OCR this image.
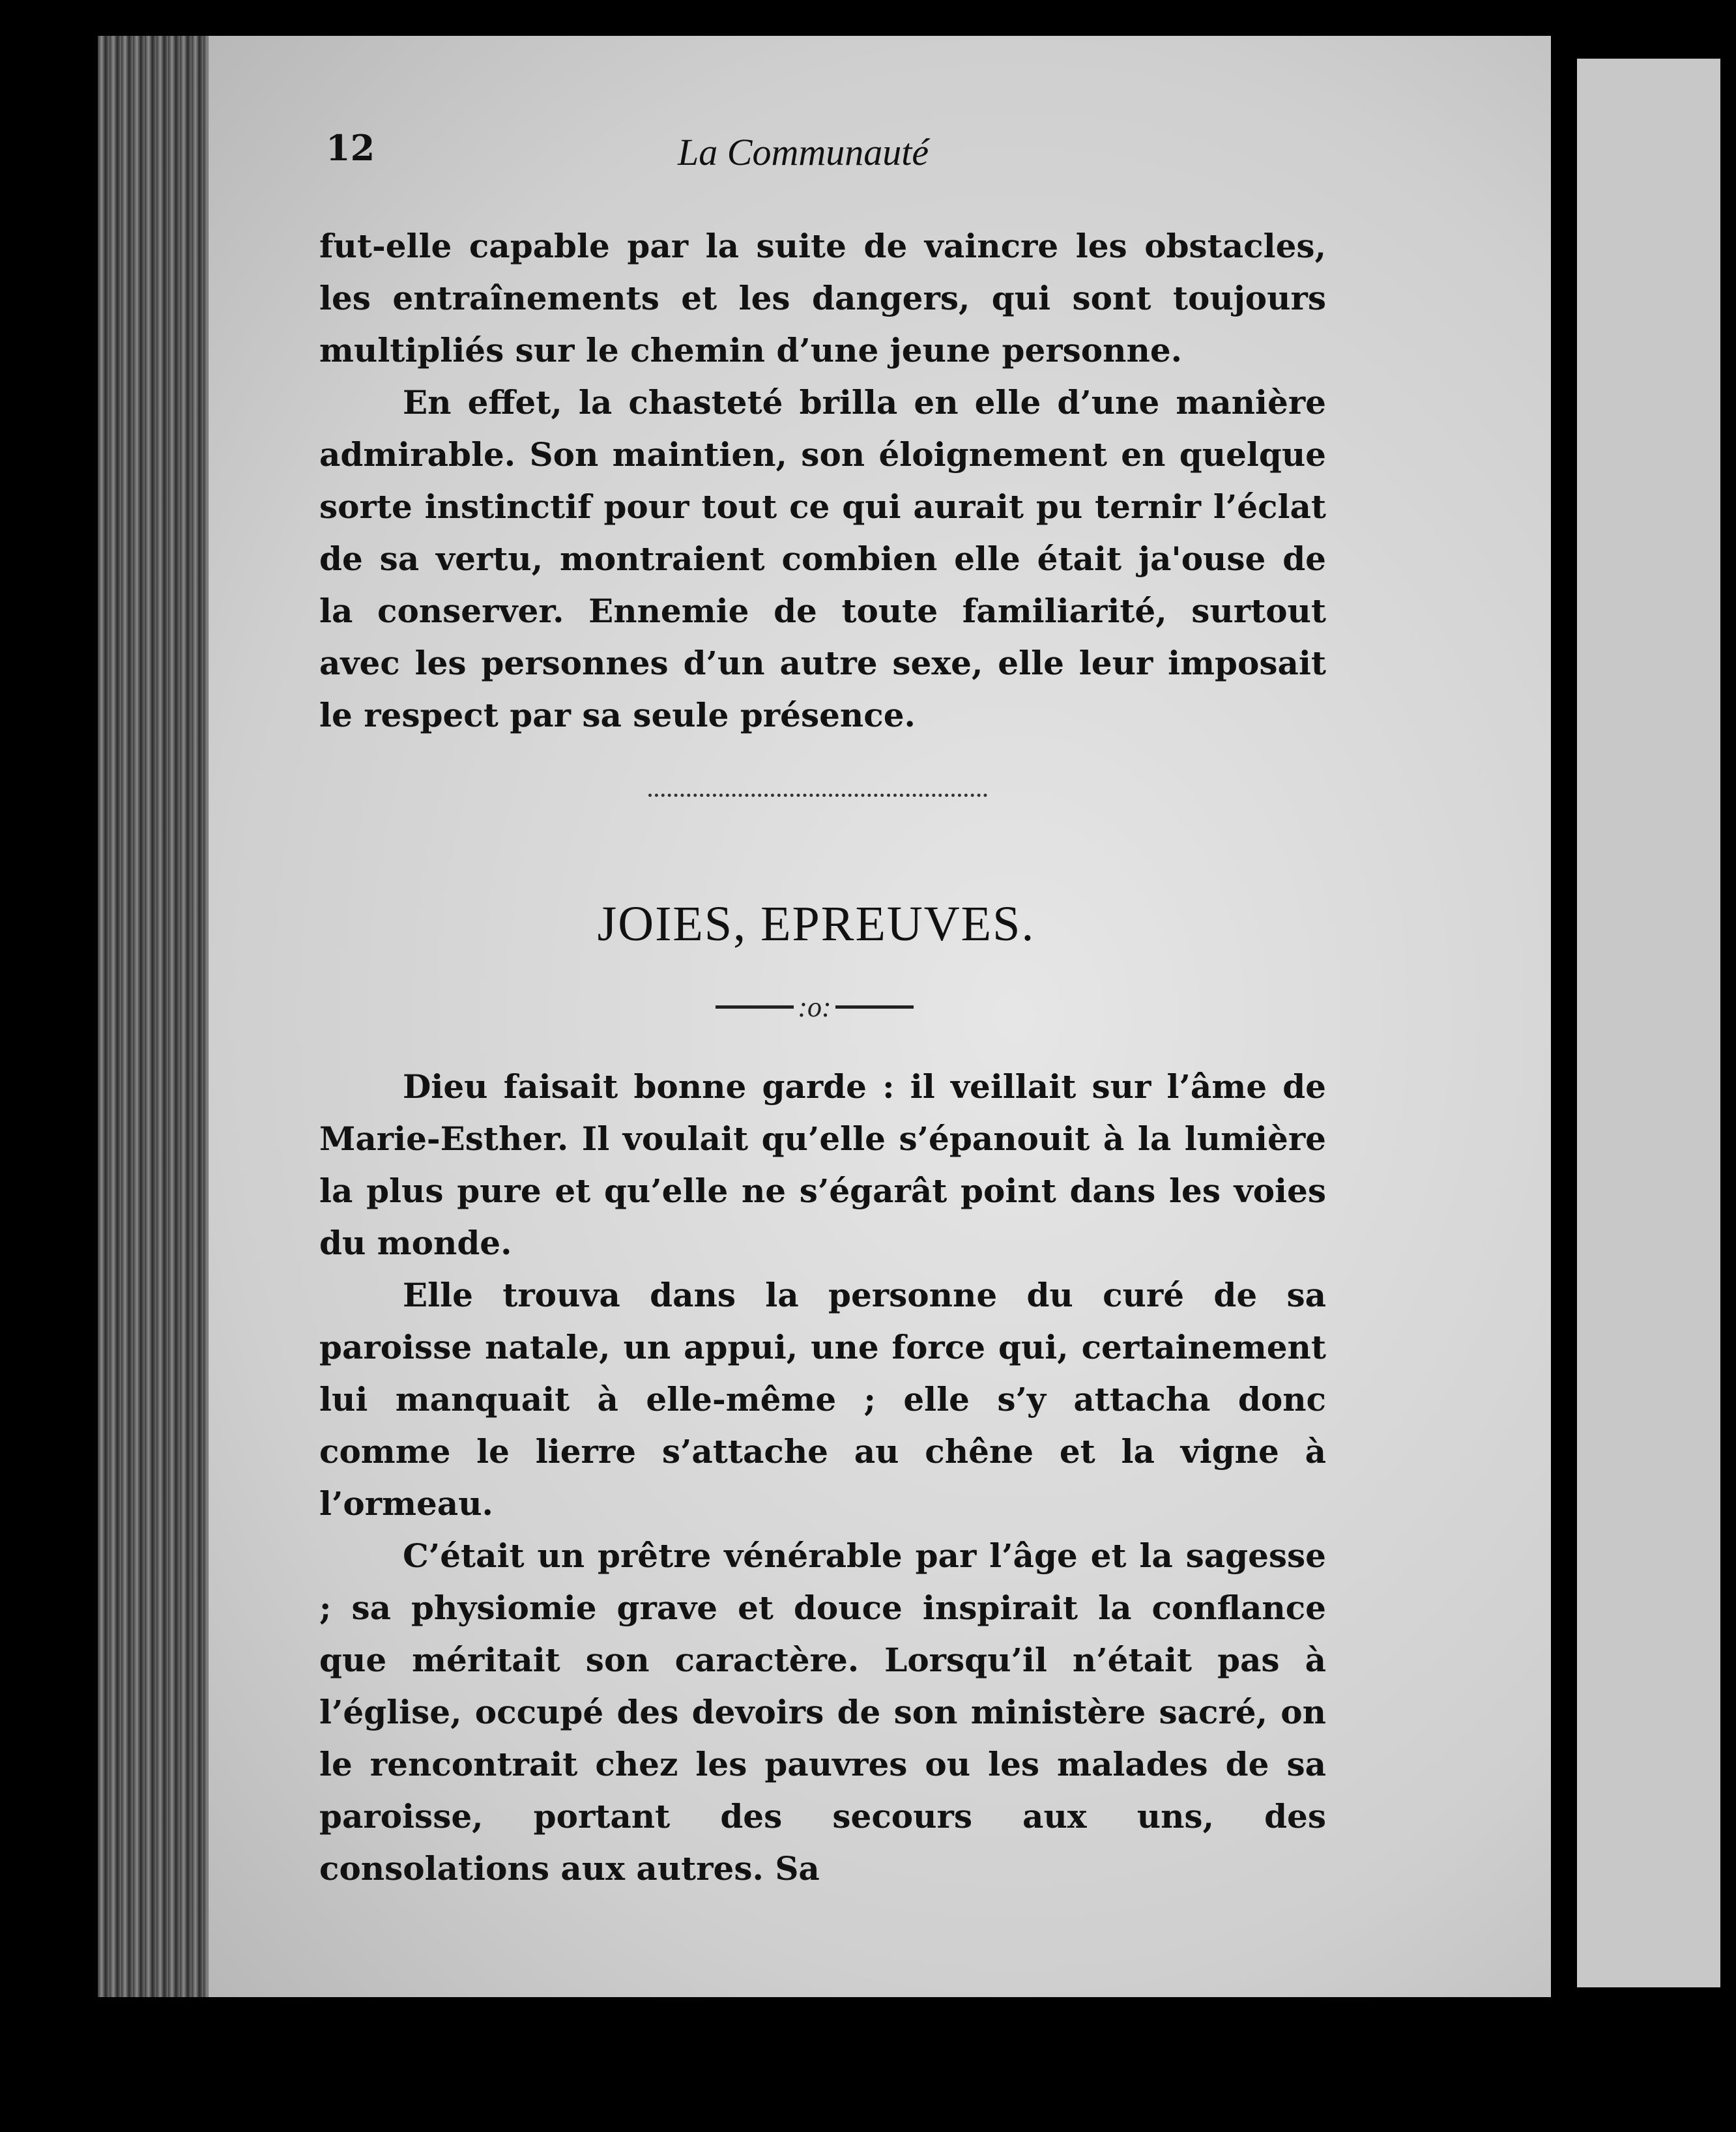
12	La Communauté

fut-elle capable par la suite de vaincre les obstacles, les entraînements et les dangers, qui sont toujours multipliés sur le chemin d’une jeune personne.

En effet, la chasteté brilla en elle d’une manière admirable. Son maintien, son éloignement en quelque sorte instinctif pour tout ce qui aurait pu ternir l’éclat de sa vertu, montraient combien elle était ja'ouse de la conserver. Ennemie de toute familiarité, surtout avec les personnes d’un autre sexe, elle leur imposait le respect par sa seule présence.

JOIES, EPREUVES.
:o:

Dieu faisait bonne garde : il veillait sur l’âme de Marie-Esther. Il voulait qu’elle s’épanouit à la lumière la plus pure et qu’elle ne s’égarât point dans les voies du monde.

Elle trouva dans la personne du curé de sa paroisse natale, un appui, une force qui, certainement lui manquait à elle-même ; elle s’y attacha donc comme le lierre s’attache au chêne et la vigne à l’ormeau.

C’était un prêtre vénérable par l’âge et la sagesse ; sa physiomie grave et douce inspirait la conflance que méritait son caractère. Lorsqu’il n’était pas à l’église, occupé des devoirs de son ministère sacré, on le rencontrait chez les pauvres ou les malades de sa paroisse, portant des secours aux uns, des consolations aux autres. Sa
